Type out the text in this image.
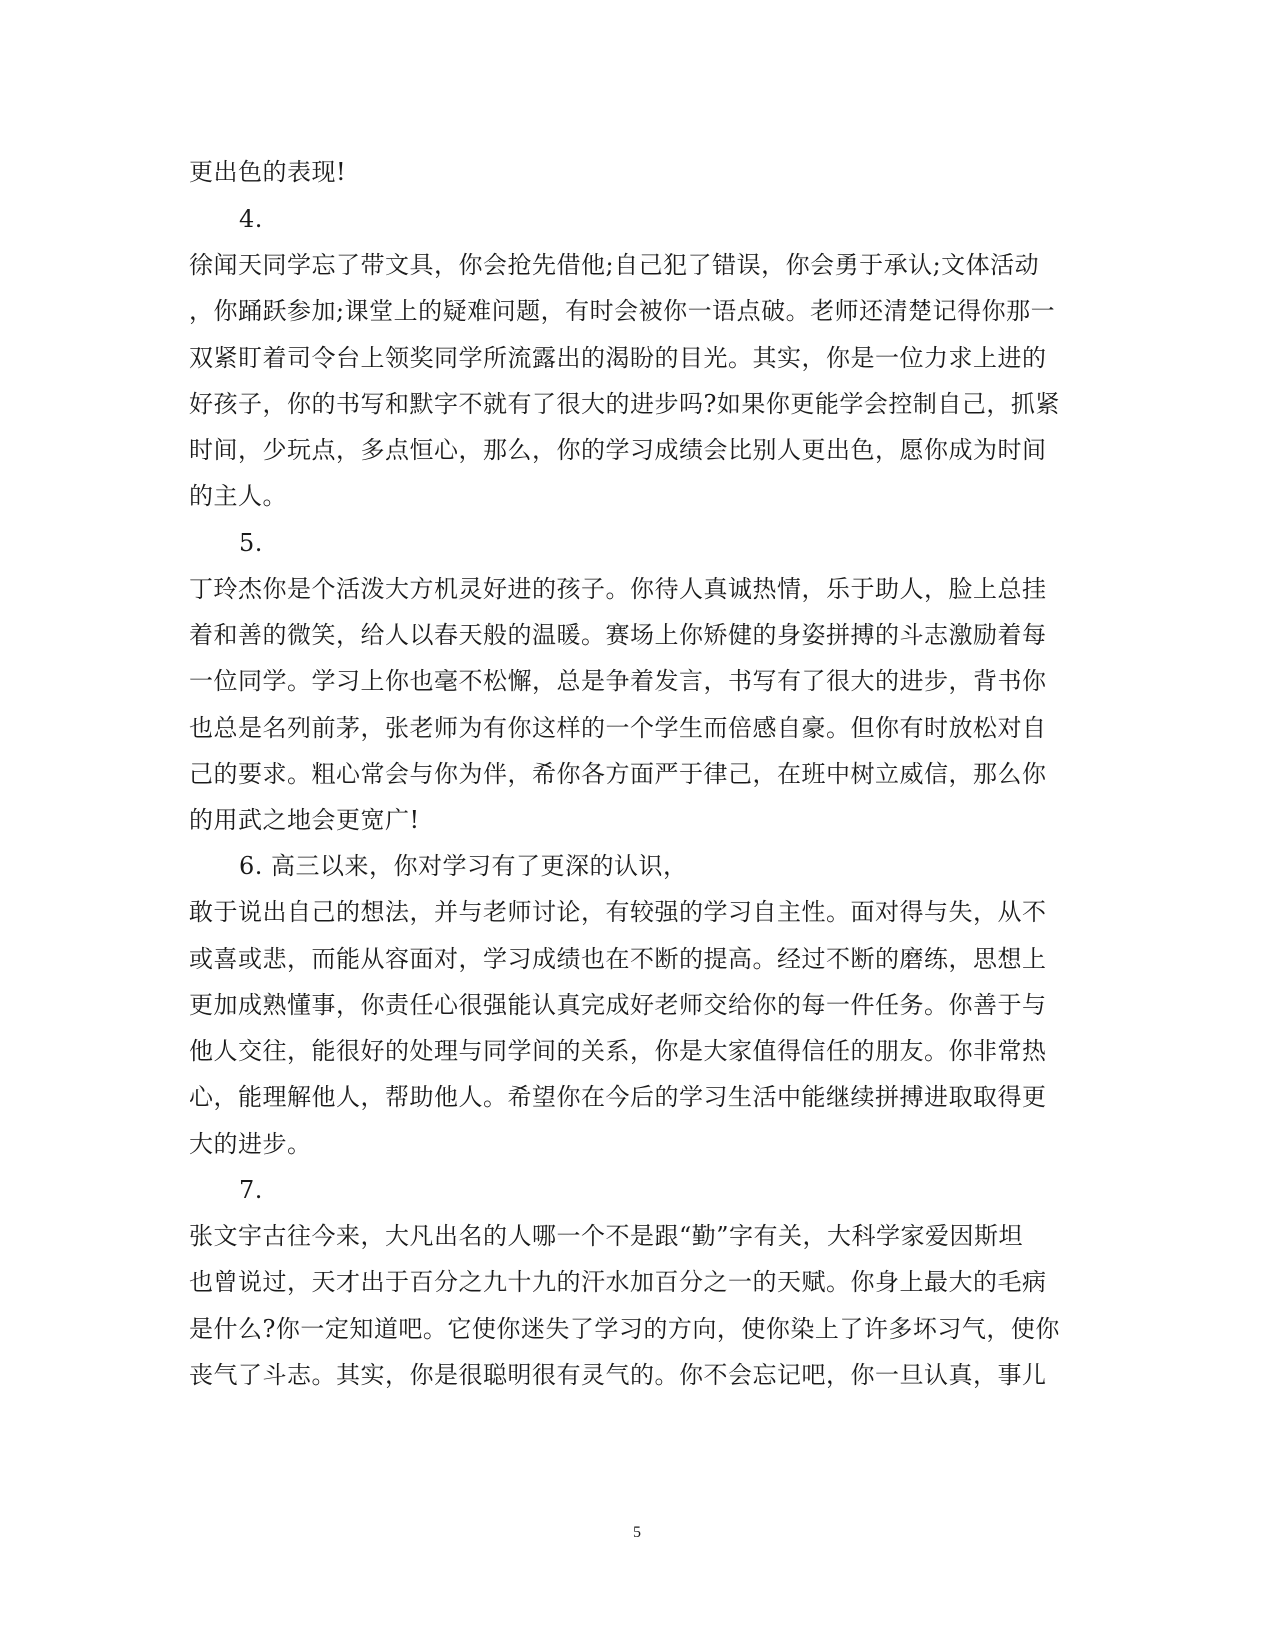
更出色的表现!
4.
徐闻天同学忘了带文具，你会抢先借他;自己犯了错误，你会勇于承认;文体活动
，你踊跃参加;课堂上的疑难问题，有时会被你一语点破。老师还清楚记得你那一
双紧盯着司令台上领奖同学所流露出的渴盼的目光。其实，你是一位力求上进的
好孩子，你的书写和默字不就有了很大的进步吗?如果你更能学会控制自己，抓紧
时间，少玩点，多点恒心，那么，你的学习成绩会比别人更出色，愿你成为时间
的主人。
5.
丁玲杰你是个活泼大方机灵好进的孩子。你待人真诚热情，乐于助人，脸上总挂
着和善的微笑，给人以春天般的温暖。赛场上你矫健的身姿拼搏的斗志激励着每
一位同学。学习上你也毫不松懈，总是争着发言，书写有了很大的进步，背书你
也总是名列前茅，张老师为有你这样的一个学生而倍感自豪。但你有时放松对自
己的要求。粗心常会与你为伴，希你各方面严于律己，在班中树立威信，那么你
的用武之地会更宽广!
6. 高三以来，你对学习有了更深的认识，
敢于说出自己的想法，并与老师讨论，有较强的学习自主性。面对得与失，从不
或喜或悲，而能从容面对，学习成绩也在不断的提高。经过不断的磨练，思想上
更加成熟懂事，你责任心很强能认真完成好老师交给你的每一件任务。你善于与
他人交往，能很好的处理与同学间的关系，你是大家值得信任的朋友。你非常热
心，能理解他人，帮助他人。希望你在今后的学习生活中能继续拼搏进取取得更
大的进步。
7.
张文宇古往今来，大凡出名的人哪一个不是跟“勤”字有关，大科学家爱因斯坦
也曾说过，天才出于百分之九十九的汗水加百分之一的天赋。你身上最大的毛病
是什么?你一定知道吧。它使你迷失了学习的方向，使你染上了许多坏习气，使你
丧气了斗志。其实，你是很聪明很有灵气的。你不会忘记吧，你一旦认真，事儿
5
